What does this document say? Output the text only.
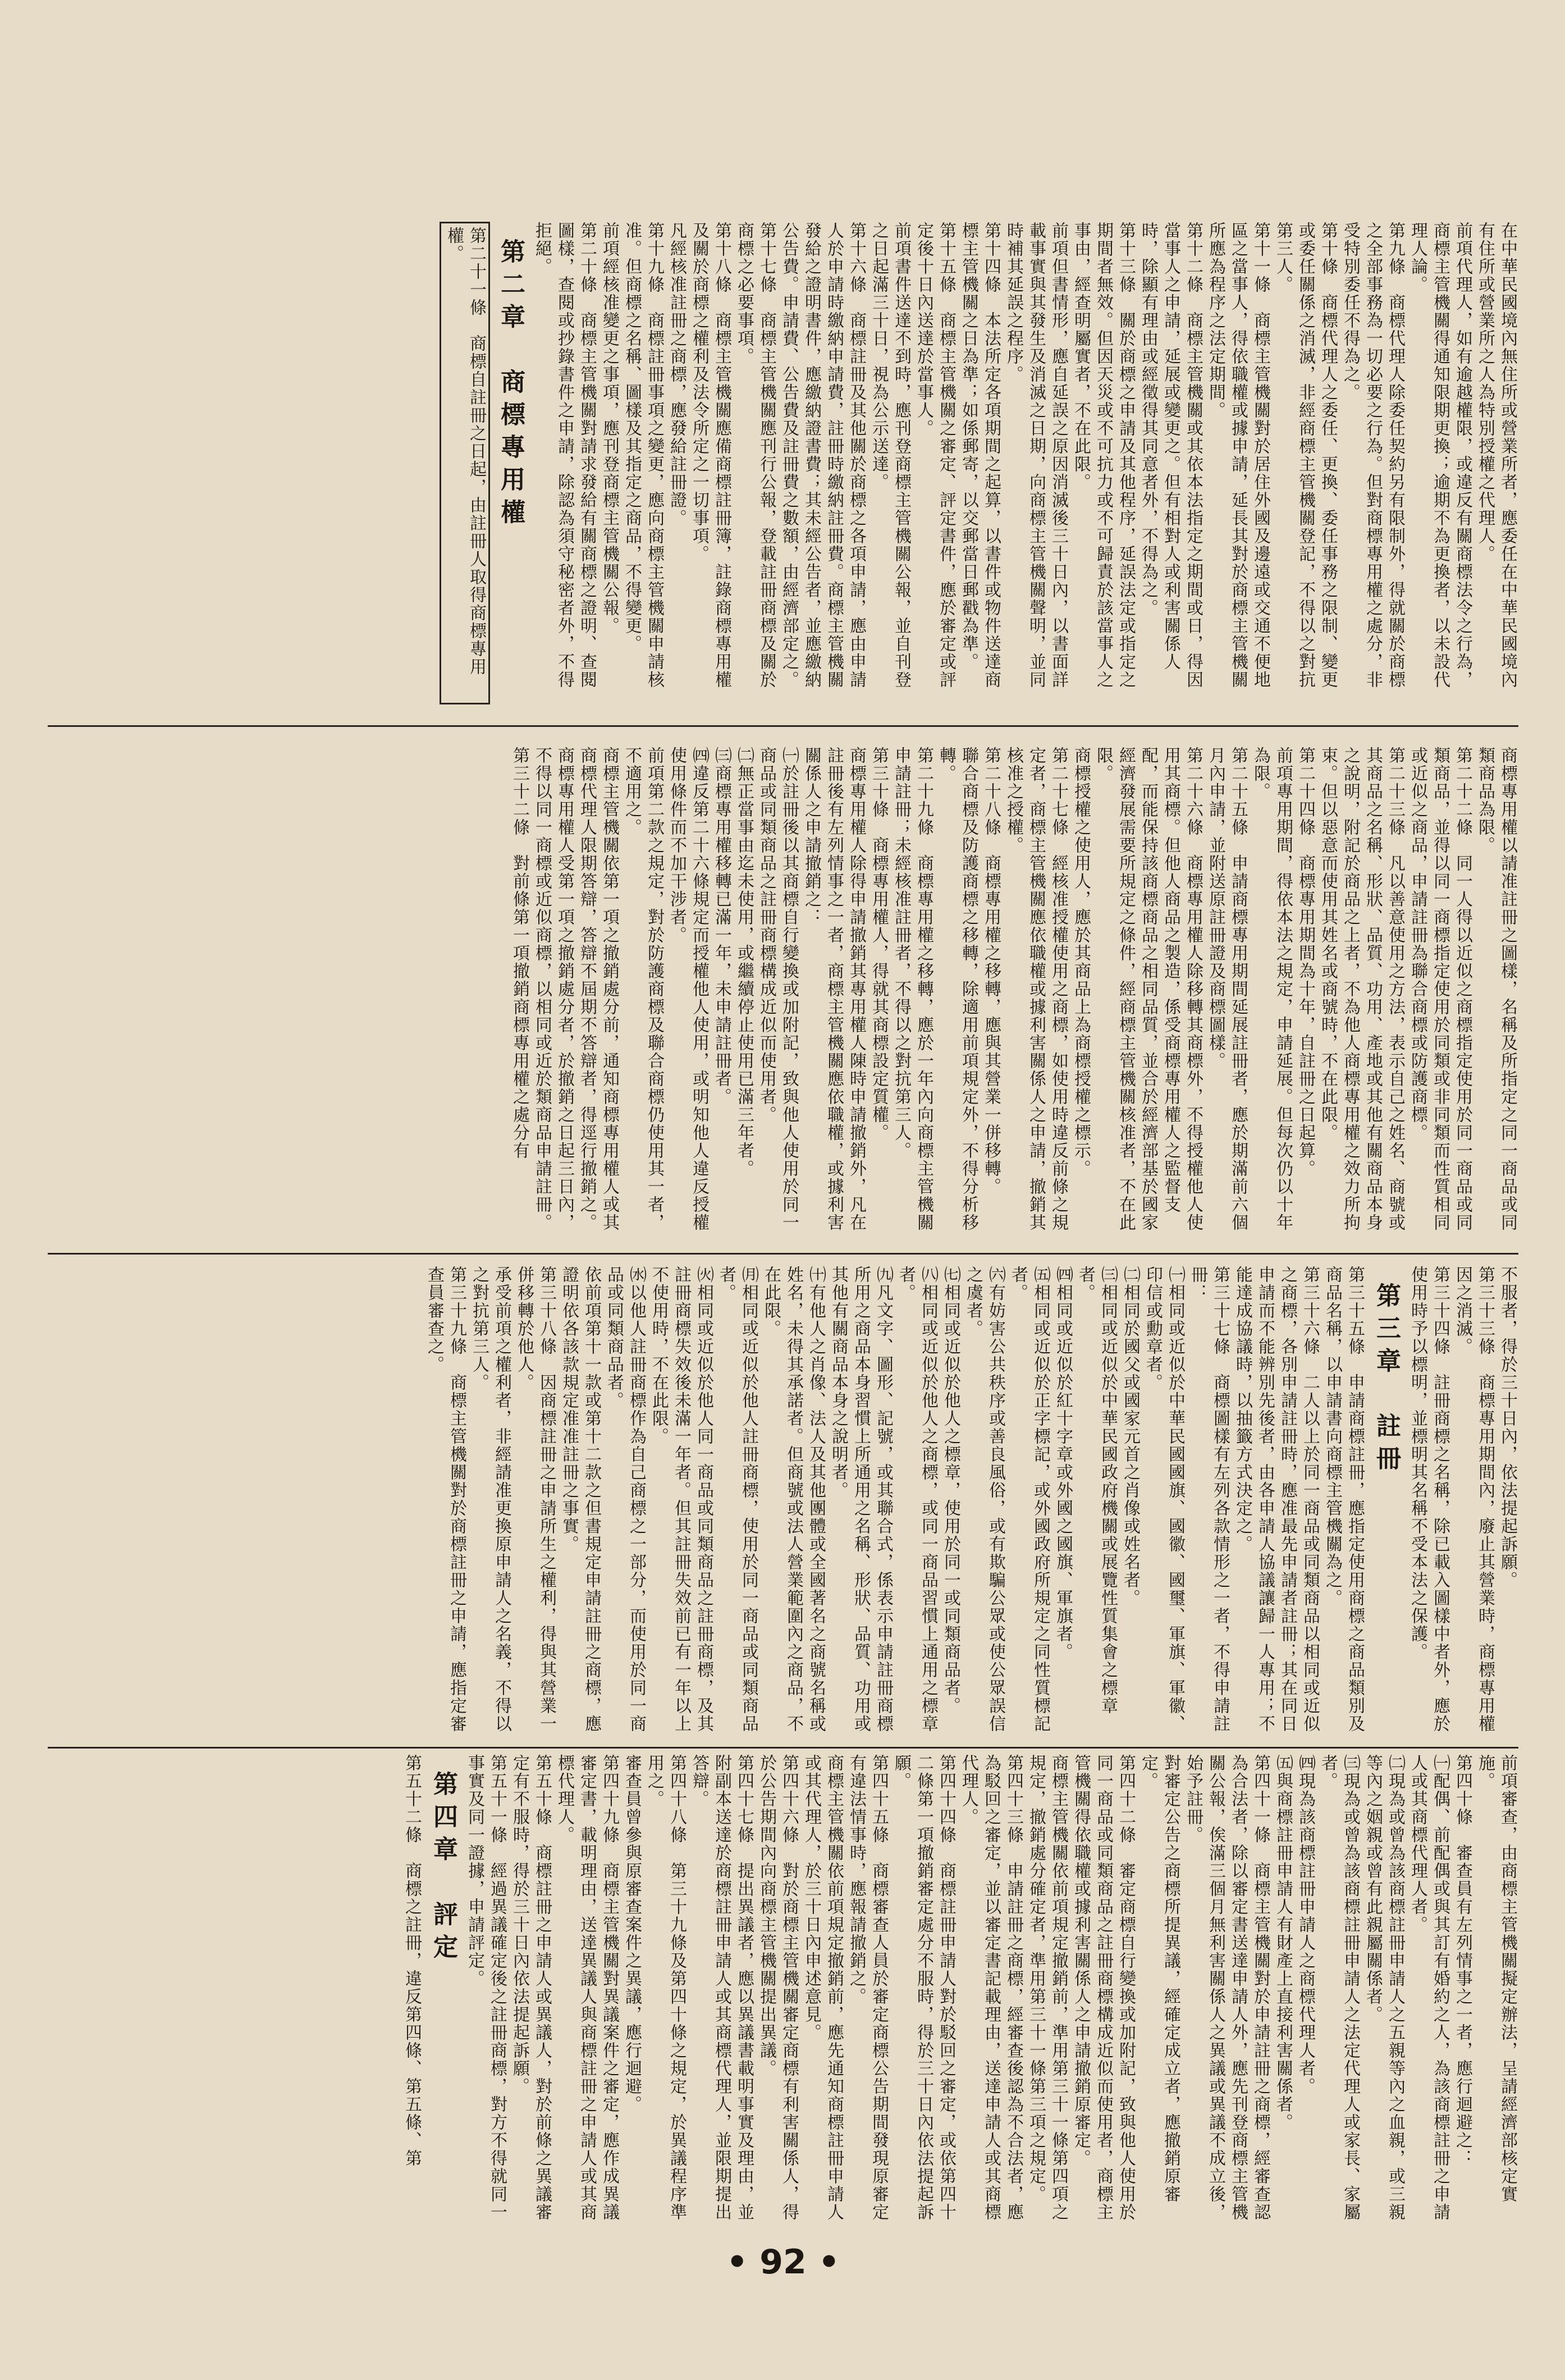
在中華民國境內無住所或營業所者，應委任在中華民國境內有住所或營業所之人為特別授權之代理人。

前項代理人，如有逾越權限，或違反有關商標法令之行為，商標主管機關得通知限期更換；逾期不為更換者，以未設代理人論。

第九條　商標代理人除委任契約另有限制外，得就關於商標之全部事務為一切必要之行為。但對商標專用權之處分，非受特別委任不得為之。

第十條　商標代理人之委任、更換、委任事務之限制、變更或委任關係之消滅，非經商標主管機關登記，不得以之對抗第三人。

第十一條　商標主管機關對於居住外國及邊遠或交通不便地區之當事人，得依職權或據申請，延長其對於商標主管機關所應為程序之法定期間。

第十二條　商標主管機關或其依本法指定之期間或日，得因當事人之申請，延展或變更之。但有相對人或利害關係人時，除顯有理由或經徵得其同意者外，不得為之。

第十三條　關於商標之申請及其他程序，延誤法定或指定之期間者無效。但因天災或不可抗力或不可歸責於該當事人之事由，經查明屬實者，不在此限。

前項但書情形，應自延誤之原因消滅後三十日內，以書面詳載事實與其發生及消滅之日期，向商標主管機關聲明，並同時補其延誤之程序。

第十四條　本法所定各項期間之起算，以書件或物件送達商標主管機關之日為準；如係郵寄，以交郵當日郵戳為準。

第十五條　商標主管機關之審定、評定書件，應於審定或評定後十日內送達於當事人。

前項書件送達不到時，應刊登商標主管機關公報，並自刊登之日起滿三十日，視為公示送達。

第十六條　商標註冊及其他關於商標之各項申請，應由申請人於申請時繳納申請費，註冊時繳納註冊費。商標主管機關發給之證明書件，應繳納證書費；其未經公告者，並應繳納公告費。申請費、公告費及註冊費之數額，由經濟部定之。

第十七條　商標主管機關應刊行公報，登載註冊商標及關於商標之必要事項。

第十八條　商標主管機關應備商標註冊簿，註錄商標專用權及關於商標之權利及法令所定之一切事項。

凡經核准註冊之商標，應發給註冊證。

第十九條　商標註冊事項之變更，應向商標主管機關申請核准。但商標之名稱、圖樣及其指定之商品，不得變更。

前項經核准變更之事項，應刊登商標主管機關公報。

第二十條　商標主管機關對請求發給有關商標之證明、查閱圖樣，查閱或抄錄書件之申請，除認為須守秘密者外，不得拒絕。

第二章　商標專用權

第二十一條　商標自註冊之日起，由註冊人取得商標專用權。

商標專用權以請准註冊之圖樣，名稱及所指定之同一商品或同類商品為限。

第二十二條　同一人得以近似之商標指定使用於同一商品或同類商品，並得以同一商標指定使用於同類或非同類而性質相同或近似之商品，申請註冊為聯合商標或防護商標。

第二十三條　凡以善意使用之方法，表示自己之姓名、商號或其商品之名稱、形狀、品質、功用、產地或其他有關商品本身之說明，附記於商品之上者，不為他人商標專用權之效力所拘束。但以惡意而使用其姓名或商號時，不在此限。

第二十四條　商標專用期間為十年，自註冊之日起算。

前項專用期間，得依本法之規定，申請延展。但每次仍以十年為限。

第二十五條　申請商標專用期間延展註冊者，應於期滿前六個月內申請，並附送原註冊證及商標圖樣。

第二十六條　商標專用權人除移轉其商標外，不得授權他人使用其商標。但他人商品之製造，係受商標專用權人之監督支配，而能保持該商標商品之相同品質，並合於經濟部基於國家經濟發展需要所規定之條件，經商標主管機關核准者，不在此限。

商標授權之使用人，應於其商品上為商標授權之標示。

第二十七條　經核准授權使用之商標，如使用時違反前條之規定者，商標主管機關應依職權或據利害關係人之申請，撤銷其核准之授權。

第二十八條　商標專用權之移轉，應與其營業一併移轉。

聯合商標及防護商標之移轉，除適用前項規定外，不得分析移轉。

第二十九條　商標專用權之移轉，應於一年內向商標主管機關申請註冊；未經核准註冊者，不得以之對抗第三人。

第三十條　商標專用權人，得就其商標設定質權。

商標專用權人除得申請撤銷其專用權人陳時申請撤銷外，凡在註冊後有左列情事之一者，商標主管機關應依職權，或據利害關係人之申請撤銷之：

㈠於註冊後以其商標自行變換或加附記，致與他人使用於同一商品或同類商品之註冊商標構成近似而使用者。

㈡無正當事由迄未使用，或繼續停止使用已滿三年者。

㈢商標專用權移轉已滿一年，未申請註冊者。

㈣違反第二十六條規定而授權他人使用，或明知他人違反授權使用條件而不加干涉者。

前項第二款之規定，對於防護商標及聯合商標仍使用其一者，不適用之。

商標主管機關依第一項之撤銷處分前，通知商標專用權人或其商標代理人限期答辯，答辯不屆期不答辯者，得逕行撤銷之。

商標專用權人受第一項之撤銷處分者，於撤銷之日起三日內，不得以同一商標或近似商標，以相同或近於類商品申請註冊。

第三十二條　對前條第一項撤銷商標專用權之處分有

不服者，得於三十日內，依法提起訴願。

第三十三條　商標專用期間內，廢止其營業時，商標專用權因之消滅。

第三十四條　註冊商標之名稱，除已載入圖樣中者外，應於使用時予以標明，並標明其名稱不受本法之保護。

第三章　註冊

第三十五條　申請商標註冊，應指定使用商標之商品類別及商品名稱，以申請書向商標主管機關為之。

第三十六條　二人以上於同一商品或同類商品以相同或近似之商標，各別申請註冊時，應准最先申請者註冊；其在同日申請而不能辨別先後者，由各申請人協議讓歸一人專用；不能達成協議時，以抽籤方式決定之。

第三十七條　商標圖樣有左列各款情形之一者，不得申請註冊：

㈠相同或近似於中華民國國旗、國徽、國璽、軍旗、軍徽、印信或勳章者。

㈡相同於國父或國家元首之肖像或姓名者。

㈢相同或近似於中華民國政府機關或展覽性質集會之標章者。

㈣相同或近似於紅十字章或外國之國旗、軍旗者。

㈤相同或近似於正字標記，或外國政府所規定之同性質標記者。

㈥有妨害公共秩序或善良風俗，或有欺騙公眾或使公眾誤信之虞者。

㈦相同或近似於他人之標章，使用於同一或同類商品者。

㈧相同或近似於他人之商標，或同一商品習慣上通用之標章者。

㈨凡文字、圖形、記號，或其聯合式，係表示申請註冊商標所用之商品本身習慣上所通用之名稱、形狀、品質、功用或其他有關商品本身之說明者。

㈩有他人之肖像、法人及其他團體或全國著名之商號名稱或姓名，未得其承諾者。但商號或法人營業範圍內之商品，不在此限。

㈪相同或近似於他人註冊商標，使用於同一商品或同類商品者。

㈫相同或近似於他人同一商品或同類商品之註冊商標，及其註冊商標失效後未滿一年者。但其註冊失效前已有一年以上不使用時，不在此限。

㈬以他人註冊商標作為自己商標之一部分，而使用於同一商品或同類商品者。

依前項第十一款或第十二款之但書規定申請註冊之商標，應證明依各該款規定准准註冊之事實。

第三十八條　因商標註冊之申請所生之權利，得與其營業一併移轉於他人。

承受前項之權利者，非經請准更換原申請人之名義，不得以之對抗第三人。

第三十九條　商標主管機關對於商標註冊之申請，應指定審查員審查之。

前項審查，由商標主管機關擬定辦法，呈請經濟部核定實施。

第四十條　審查員有左列情事之一者，應行迴避之：

㈠配偶、前配偶或與其訂有婚約之人，為該商標註冊之申請人或其商標代理人者。

㈡現為或曾為該商標註冊申請人之五親等內之血親，或三親等內之姻親或曾有此親屬關係者。

㈢現為或曾為該商標註冊申請人之法定代理人或家長、家屬者。

㈣現為該商標註冊申請人之商標代理人者。

㈤與商標註冊申請人有財產上直接利害關係者。

第四十一條　商標主管機關對於申請註冊之商標，經審查認為合法者，除以審定書送達申請人外，應先刊登商標主管機關公報，俟滿三個月無利害關係人之異議或異議不成立後，始予註冊。

對審定公告之商標所提異議，經確定成立者，應撤銷原審定。

第四十二條　審定商標自行變換或加附記，致與他人使用於同一商品或同類商品之註冊商標構成近似而使用者，商標主管機關得依職權或據利害關係人之申請撤銷原審定。

商標主管機關依前項規定撤銷前，準用第三十一條第四項之規定，撤銷處分確定者，準用第三十一條第三項之規定。

第四十三條　申請註冊之商標，經審查後認為不合法者，應為駁回之審定，並以審定書記載理由，送達申請人或其商標代理人。

第四十四條　商標註冊申請人對於駁回之審定，或依第四十二條第一項撤銷審定處分不服時，得於三十日內依法提起訴願。

第四十五條　商標審查人員於審定商標公告期間發現原審定有違法情事時，應報請撤銷之。

商標主管機關依前項規定撤銷前，應先通知商標註冊申請人或其代理人，於三十日內申述意見。

第四十六條　對於商標主管機關審定商標有利害關係人，得於公告期間內向商標主管機關提出異議。

第四十七條　提出異議者，應以異議書載明事實及理由，並附副本送達於商標註冊申請人或其商標代理人，並限期提出答辯。

第四十八條　第三十九條及第四十條之規定，於異議程序準用之。

審查員曾參與原審查案件之異議，應行迴避。

第四十九條　商標主管機關對異議案件之審定，應作成異議審定書，載明理由，送達異議人與商標註冊之申請人或其商標代理人。

第五十條　商標註冊之申請人或異議人，對於前條之異議審定有不服時，得於三十日內依法提起訴願。

第五十一條　經過異議確定後之註冊商標，對方不得就同一事實及同一證據，申請評定。

第四章　評定

第五十二條　商標之註冊，違反第四條、第五條、第

• 92 •
